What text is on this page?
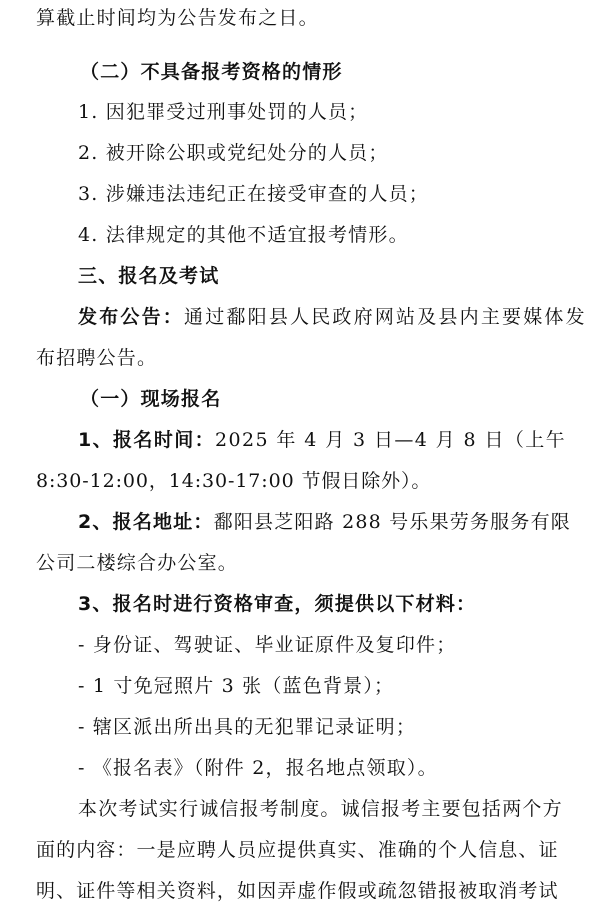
算截止时间均为公告发布之日。
（二）不具备报考资格的情形
1. 因犯罪受过刑事处罚的人员；
2. 被开除公职或党纪处分的人员；
3. 涉嫌违法违纪正在接受审查的人员；
4. 法律规定的其他不适宜报考情形。
三、报名及考试
发布公告：通过鄱阳县人民政府网站及县内主要媒体发
布招聘公告。
（一）现场报名
1、报名时间：2025 年 4 月 3 日—4 月 8 日（上午
8:30-12:00，14:30-17:00 节假日除外）。
2、报名地址：鄱阳县芝阳路 288 号乐果劳务服务有限
公司二楼综合办公室。
3、报名时进行资格审查，须提供以下材料：
- 身份证、驾驶证、毕业证原件及复印件；
- 1 寸免冠照片 3 张（蓝色背景）；
- 辖区派出所出具的无犯罪记录证明；
- 《报名表》（附件 2，报名地点领取）。
本次考试实行诚信报考制度。诚信报考主要包括两个方
面的内容：一是应聘人员应提供真实、准确的个人信息、证
明、证件等相关资料，如因弄虚作假或疏忽错报被取消考试
